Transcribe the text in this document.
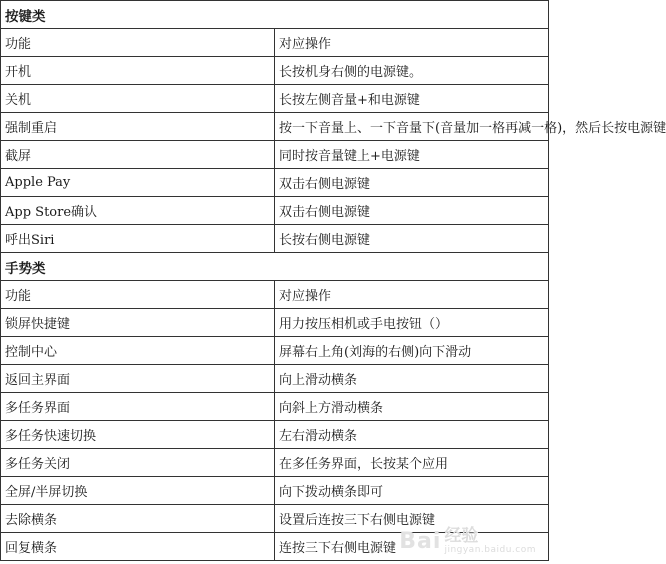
按键类	
功能	对应操作
开机	长按机身右侧的电源键。
关机	长按左侧音量+和电源键
强制重启	按一下音量上、一下音量下(音量加一格再减一格)，然后长按电源键
截屏	同时按音量键上+电源键
Apple Pay	双击右侧电源键
App Store确认	双击右侧电源键
呼出Siri	长按右侧电源键
手势类	
功能	对应操作
锁屏快捷键	用力按压相机或手电按钮（）
控制中心	屏幕右上角(刘海的右侧)向下滑动
返回主界面	向上滑动横条
多任务界面	向斜上方滑动横条
多任务快速切换	左右滑动横条
多任务关闭	在多任务界面，长按某个应用
全屏/半屏切换	向下拨动横条即可
去除横条	设置后连按三下右侧电源键
回复横条	连按三下右侧电源键 Bai 经验
jingyan.baidu.com
